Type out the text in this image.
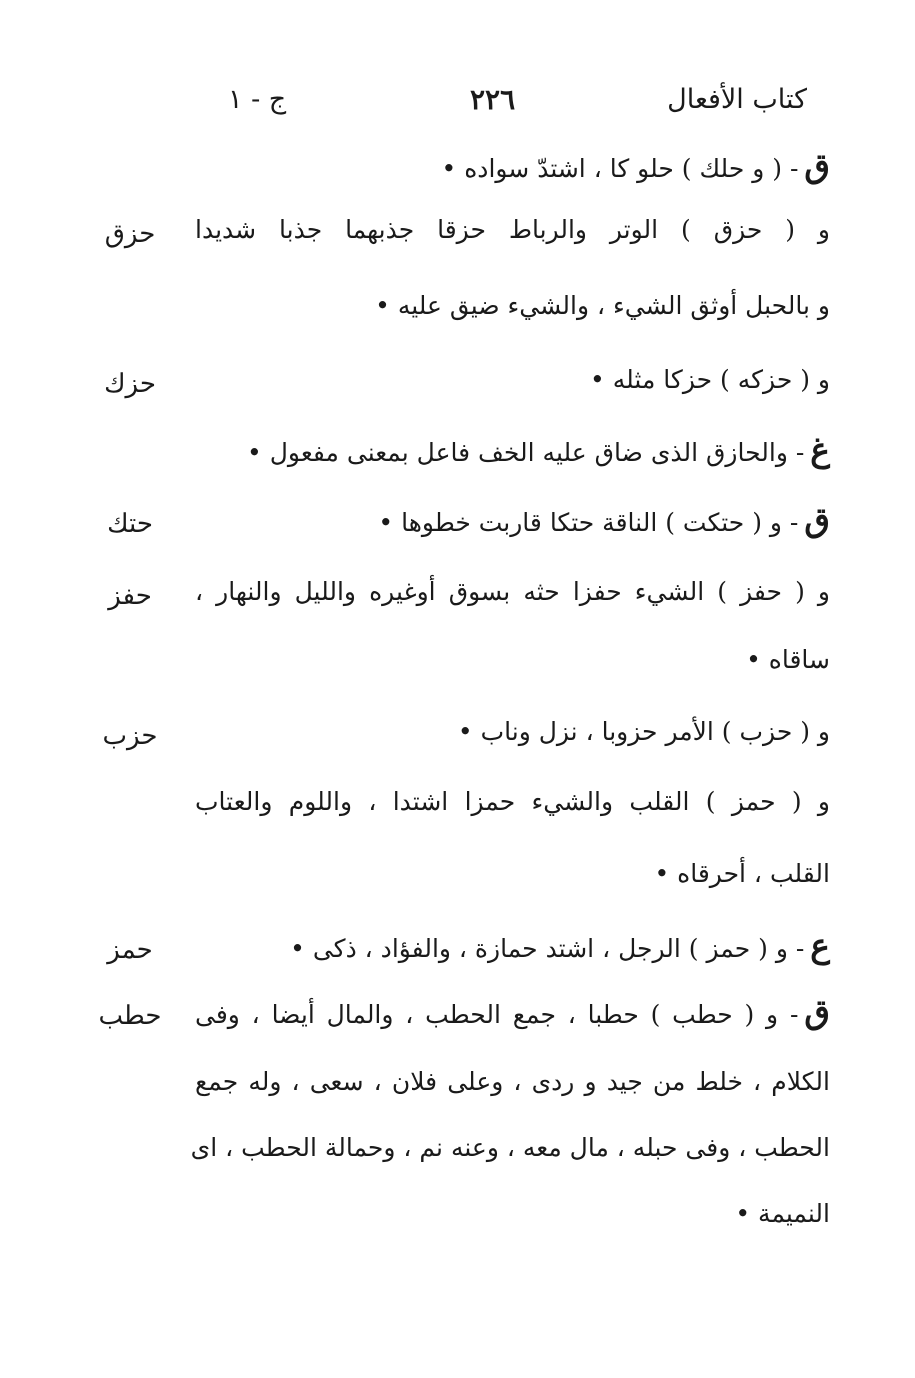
كتاب الأفعال
٢٢٦
ج - ١
ق- ( و حلك ) حلو كا ، اشتدّ سواده •
و ( حزق ) الوتر والرباط حزقا جذبهما جذبا شديدا
و بالحبل أوثق الشيء ، والشيء ضيق عليه •
و ( حزكه ) حزكا مثله •
غ- والحازق الذى ضاق عليه الخف فاعل بمعنى مفعول •
ق- و ( حتكت ) الناقة حتكا قاربت خطوها •
و ( حفز ) الشيء حفزا حثه بسوق أوغيره والليل والنهار ،
ساقاه •
و ( حزب ) الأمر حزوبا ، نزل وناب •
و ( حمز ) القلب والشيء حمزا اشتدا ، واللوم والعتاب
القلب ، أحرقاه •
ع- و ( حمز ) الرجل ، اشتد حمازة ، والفؤاد ، ذكى •
ق- و ( حطب ) حطبا ، جمع الحطب ، والمال أيضا ، وفى
الكلام ، خلط من جيد و ردى ، وعلى فلان ، سعى ، وله جمع
الحطب ، وفى حبله ، مال معه ، وعنه نم ، وحمالة الحطب ، اى
النميمة •
حزق
حزك
حتك
حفز
حزب
حمز
حطب
